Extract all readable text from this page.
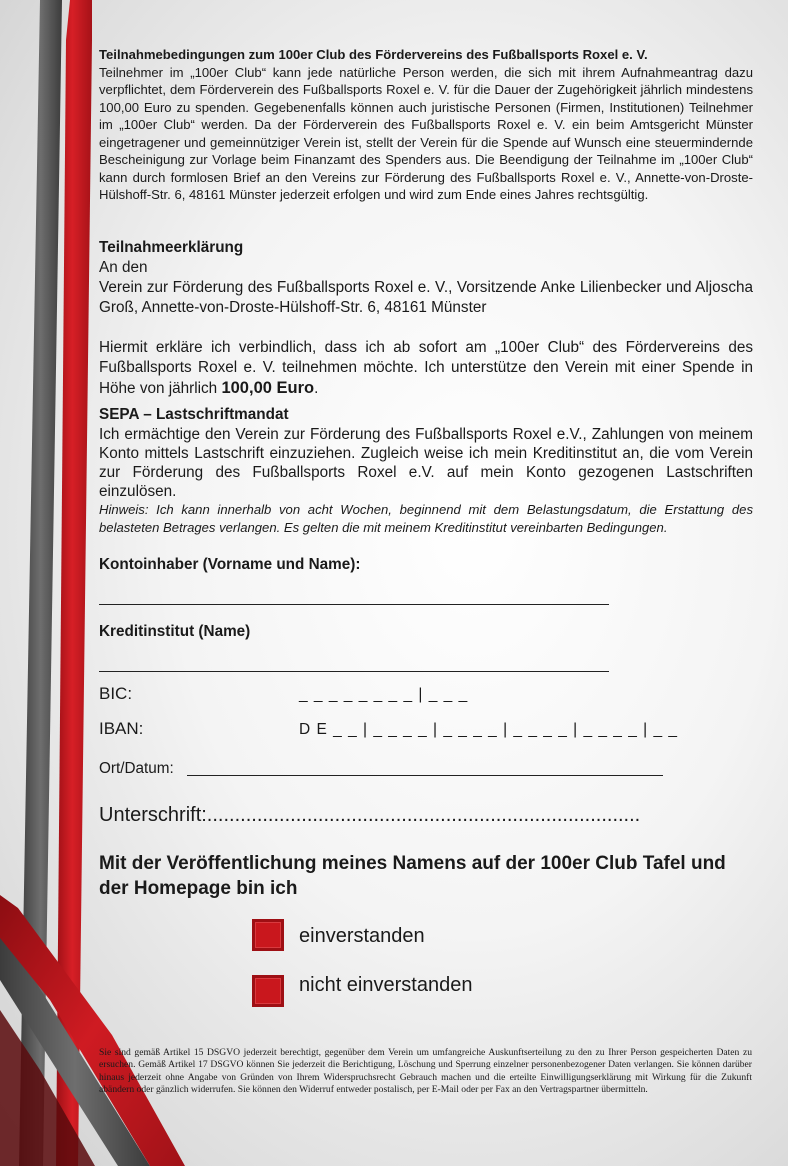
Teilnahmebedingungen zum 100er Club des Fördervereins des Fußballsports Roxel e. V.
Teilnehmer im „100er Club“ kann jede natürliche Person werden, die sich mit ihrem Aufnahmeantrag dazu verpflichtet, dem Förderverein des Fußballsports Roxel e. V. für die Dauer der Zugehörigkeit jährlich mindestens 100,00 Euro zu spenden. Gegebenenfalls können auch juristische Personen (Firmen, Institutionen) Teilnehmer im „100er Club“ werden. Da der Förderverein des Fußballsports Roxel e. V. ein beim Amtsgericht Münster eingetragener und gemeinnütziger Verein ist, stellt der Verein für die Spende auf Wunsch eine steuermindernde Bescheinigung zur Vorlage beim Finanzamt des Spenders aus. Die Beendigung der Teilnahme im „100er Club“ kann durch formlosen Brief an den Vereins zur Förderung des Fußballsports Roxel e. V., Annette-von-Droste-Hülshoff-Str. 6, 48161 Münster jederzeit erfolgen und wird zum Ende eines Jahres rechtsgültig.
Teilnahmeerklärung
An den
Verein zur Förderung des Fußballsports Roxel e. V., Vorsitzende Anke Lilienbecker und Aljoscha Groß, Annette-von-Droste-Hülshoff-Str. 6, 48161 Münster
Hiermit erkläre ich verbindlich, dass ich ab sofort am „100er Club“ des Fördervereins des Fußballsports Roxel e. V. teilnehmen möchte. Ich unterstütze den Verein mit einer Spende in Höhe von jährlich 100,00 Euro.
SEPA – Lastschriftmandat
Ich ermächtige den Verein zur Förderung des Fußballsports Roxel e.V., Zahlungen von meinem Konto mittels Lastschrift einzuziehen. Zugleich weise ich mein Kreditinstitut an, die vom Verein zur Förderung des Fußballsports Roxel e.V. auf mein Konto gezogenen Lastschriften einzulösen.
Hinweis: Ich kann innerhalb von acht Wochen, beginnend mit dem Belastungsdatum, die Erstattung des belasteten Betrages verlangen. Es gelten die mit meinem Kreditinstitut vereinbarten Bedingungen.
Kontoinhaber (Vorname und Name):
Kreditinstitut (Name)
BIC:	_ _ _ _ _ _ _ _ | _ _ _
IBAN:	D E _ _ | _ _ _ _ | _ _ _ _ | _ _ _ _ | _ _ _ _ | _ _
Ort/Datum:
Unterschrift:..............................................................................
Mit der Veröffentlichung meines Namens auf der 100er Club Tafel und der Homepage bin ich
einverstanden
nicht einverstanden
Sie sind gemäß Artikel 15 DSGVO jederzeit berechtigt, gegenüber dem Verein um umfangreiche Auskunftserteilung zu den zu Ihrer Person gespeicherten Daten zu ersuchen. Gemäß Artikel 17 DSGVO können Sie jederzeit die Berichtigung, Löschung und Sperrung einzelner personenbezogener Daten verlangen. Sie können darüber hinaus jederzeit ohne Angabe von Gründen von Ihrem Widerspruchsrecht Gebrauch machen und die erteilte Einwilligungserklärung mit Wirkung für die Zukunft abändern oder gänzlich widerrufen. Sie können den Widerruf entweder postalisch, per E-Mail oder per Fax an den Vertragspartner übermitteln.
